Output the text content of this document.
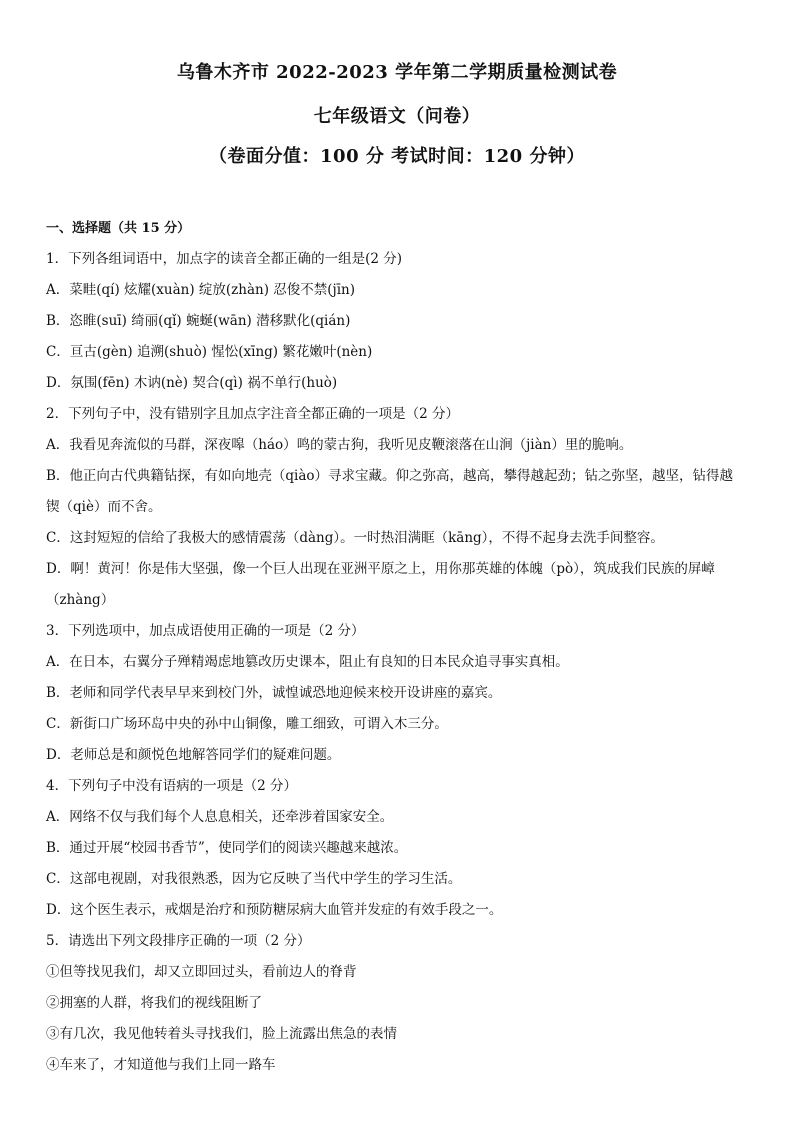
乌鲁木齐市 2022-2023 学年第二学期质量检测试卷
七年级语文（问卷）
（卷面分值：100 分 考试时间：120 分钟）
一、选择题（共 15 分）
1．下列各组词语中，加点字的读音全都正确的一组是(2 分)
A．菜畦(qí) 炫耀(xuàn) 绽放(zhàn) 忍俊不禁(jīn)
B．恣睢(suī) 绮丽(qǐ) 蜿蜒(wān) 潜移默化(qián)
C．亘古(gèn) 追溯(shuò) 惺忪(xīng) 繁花嫩叶(nèn)
D．氛围(fēn) 木讷(nè) 契合(qì) 祸不单行(huò)
2．下列句子中，没有错别字且加点字注音全都正确的一项是（2 分）
A．我看见奔流似的马群，深夜嗥（háo）鸣的蒙古狗，我听见皮鞭滚落在山涧（jiàn）里的脆响。
B．他正向古代典籍钻探，有如向地壳（qiào）寻求宝藏。仰之弥高，越高，攀得越起劲；钻之弥坚，越坚，钻得越锲（qiè）而不舍。
C．这封短短的信给了我极大的感情震荡（dàng）。一时热泪满眶（kāng），不得不起身去洗手间整容。
D．啊！黄河！你是伟大坚强，像一个巨人出现在亚洲平原之上，用你那英雄的体魄（pò），筑成我们民族的屏嶂（zhàng）
3．下列选项中，加点成语使用正确的一项是（2 分）
A．在日本，右翼分子殚精竭虑地篡改历史课本，阻止有良知的日本民众追寻事实真相。
B．老师和同学代表早早来到校门外，诚惶诚恐地迎候来校开设讲座的嘉宾。
C．新街口广场环岛中央的孙中山铜像，雕工细致，可谓入木三分。
D．老师总是和颜悦色地解答同学们的疑难问题。
4．下列句子中没有语病的一项是（2 分）
A．网络不仅与我们每个人息息相关，还牵涉着国家安全。
B．通过开展“校园书香节”，使同学们的阅读兴趣越来越浓。
C．这部电视剧，对我很熟悉，因为它反映了当代中学生的学习生活。
D．这个医生表示，戒烟是治疗和预防糖尿病大血管并发症的有效手段之一。
5．请选出下列文段排序正确的一项（2 分）
①但等找见我们，却又立即回过头，看前边人的脊背
②拥塞的人群，将我们的视线阻断了
③有几次，我见他转着头寻找我们，脸上流露出焦急的表情
④车来了，才知道他与我们上同一路车
